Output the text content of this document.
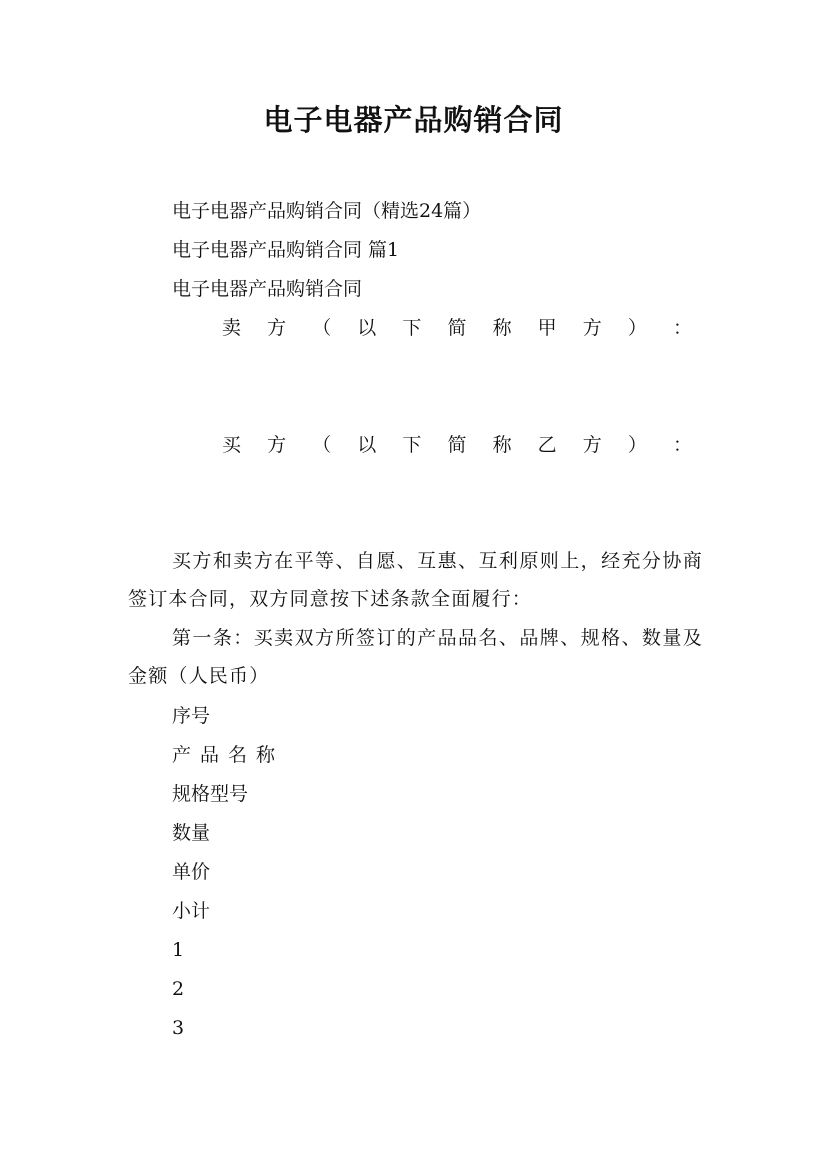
电子电器产品购销合同
电子电器产品购销合同（精选24篇）
电子电器产品购销合同 篇1
电子电器产品购销合同
卖 方 （ 以 下 简 称 甲 方 ） ：
买 方 （ 以 下 简 称 乙 方 ） ：
买方和卖方在平等、自愿、互惠、互利原则上，经充分协商签订本合同，双方同意按下述条款全面履行：
第一条：买卖双方所签订的产品品名、品牌、规格、数量及金额（人民币）
序号
产品名称
规格型号
数量
单价
小计
1
2
3
